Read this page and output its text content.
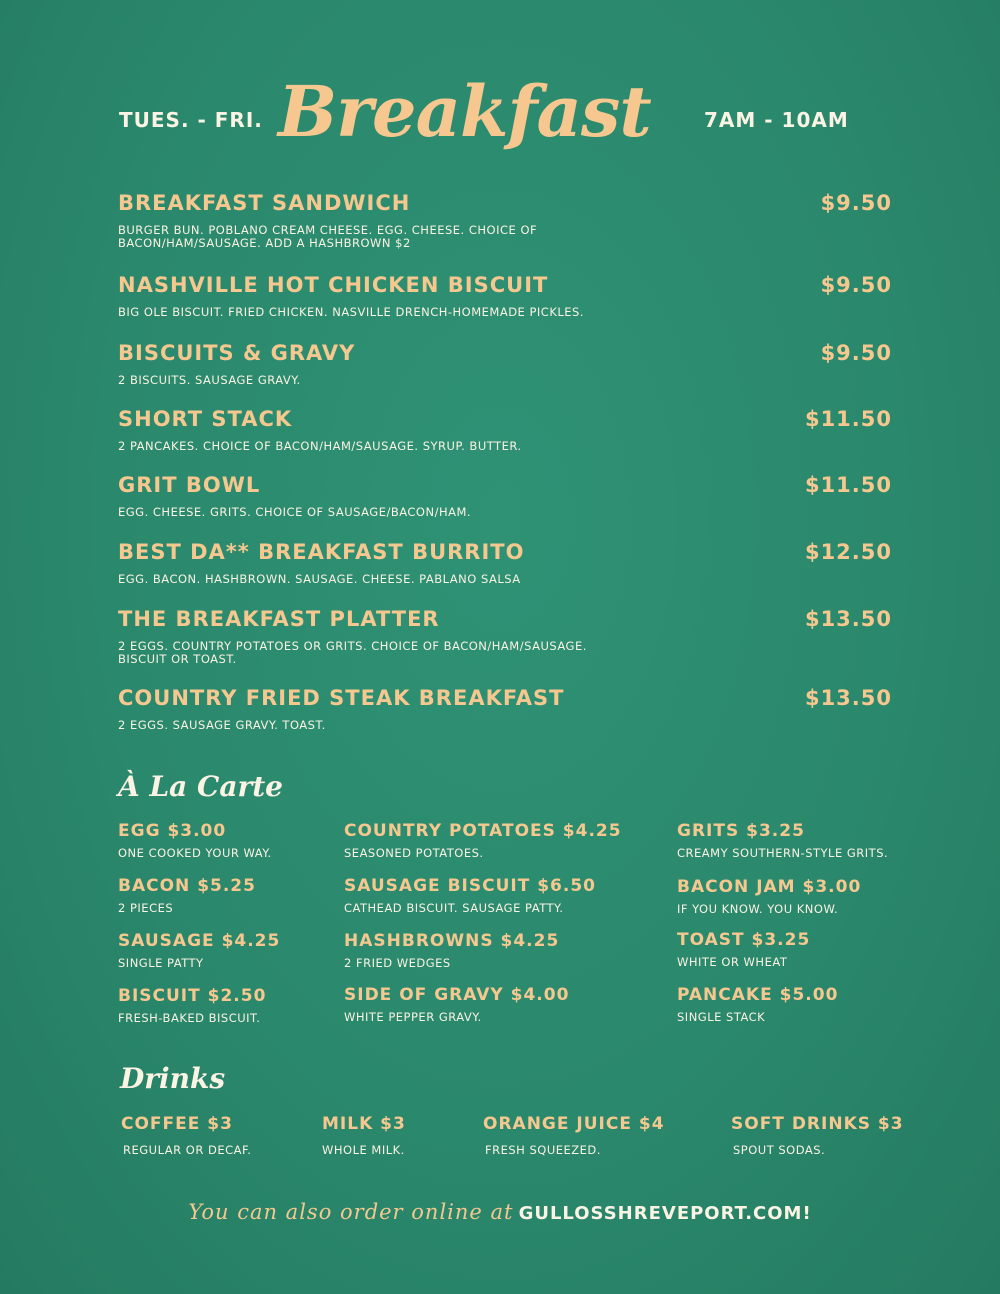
TUES. - FRI. Breakfast	7AM - 10AM
BREAKFAST SANDWICH	$9.50
BURGER BUN. POBLANO CREAM CHEESE. EGG. CHEESE. CHOICE OF BACON/HAM/SAUSAGE. ADD A HASHBROWN $2
NASHVILLE HOT CHICKEN BISCUIT	$9.50
BIG OLE BISCUIT. FRIED CHICKEN. NASVILLE DRENCH-HOMEMADE PICKLES.
BISCUITS & GRAVY	$9.50
2 BISCUITS. SAUSAGE GRAVY.
SHORT STACK	$11.50
2 PANCAKES. CHOICE OF BACON/HAM/SAUSAGE. SYRUP. BUTTER.
GRIT BOWL	$11.50
EGG. CHEESE. GRITS. CHOICE OF SAUSAGE/BACON/HAM.
BEST DA** BREAKFAST BURRITO	$12.50
EGG. BACON. HASHBROWN. SAUSAGE. CHEESE. PABLANO SALSA
THE BREAKFAST PLATTER	$13.50
2 EGGS. COUNTRY POTATOES OR GRITS. CHOICE OF BACON/HAM/SAUSAGE. BISCUIT OR TOAST.
COUNTRY FRIED STEAK BREAKFAST	$13.50
2 EGGS. SAUSAGE GRAVY. TOAST.
À La Carte
EGG $3.00
ONE COOKED YOUR WAY.
BACON $5.25
2 PIECES
SAUSAGE $4.25
SINGLE PATTY
BISCUIT $2.50
FRESH-BAKED BISCUIT.
COUNTRY POTATOES $4.25
SEASONED POTATOES.
SAUSAGE BISCUIT $6.50
CATHEAD BISCUIT. SAUSAGE PATTY.
HASHBROWNS $4.25
2 FRIED WEDGES
SIDE OF GRAVY $4.00
WHITE PEPPER GRAVY.
GRITS $3.25
CREAMY SOUTHERN-STYLE GRITS.
BACON JAM $3.00
IF YOU KNOW. YOU KNOW.
TOAST $3.25
WHITE OR WHEAT
PANCAKE $5.00
SINGLE STACK
Drinks
COFFEE $3
REGULAR OR DECAF.
MILK $3
WHOLE MILK.
ORANGE JUICE $4
FRESH SQUEEZED.
SOFT DRINKS $3
SPOUT SODAS.
You can also order online at GULLOSSHREVEPORT.COM!
